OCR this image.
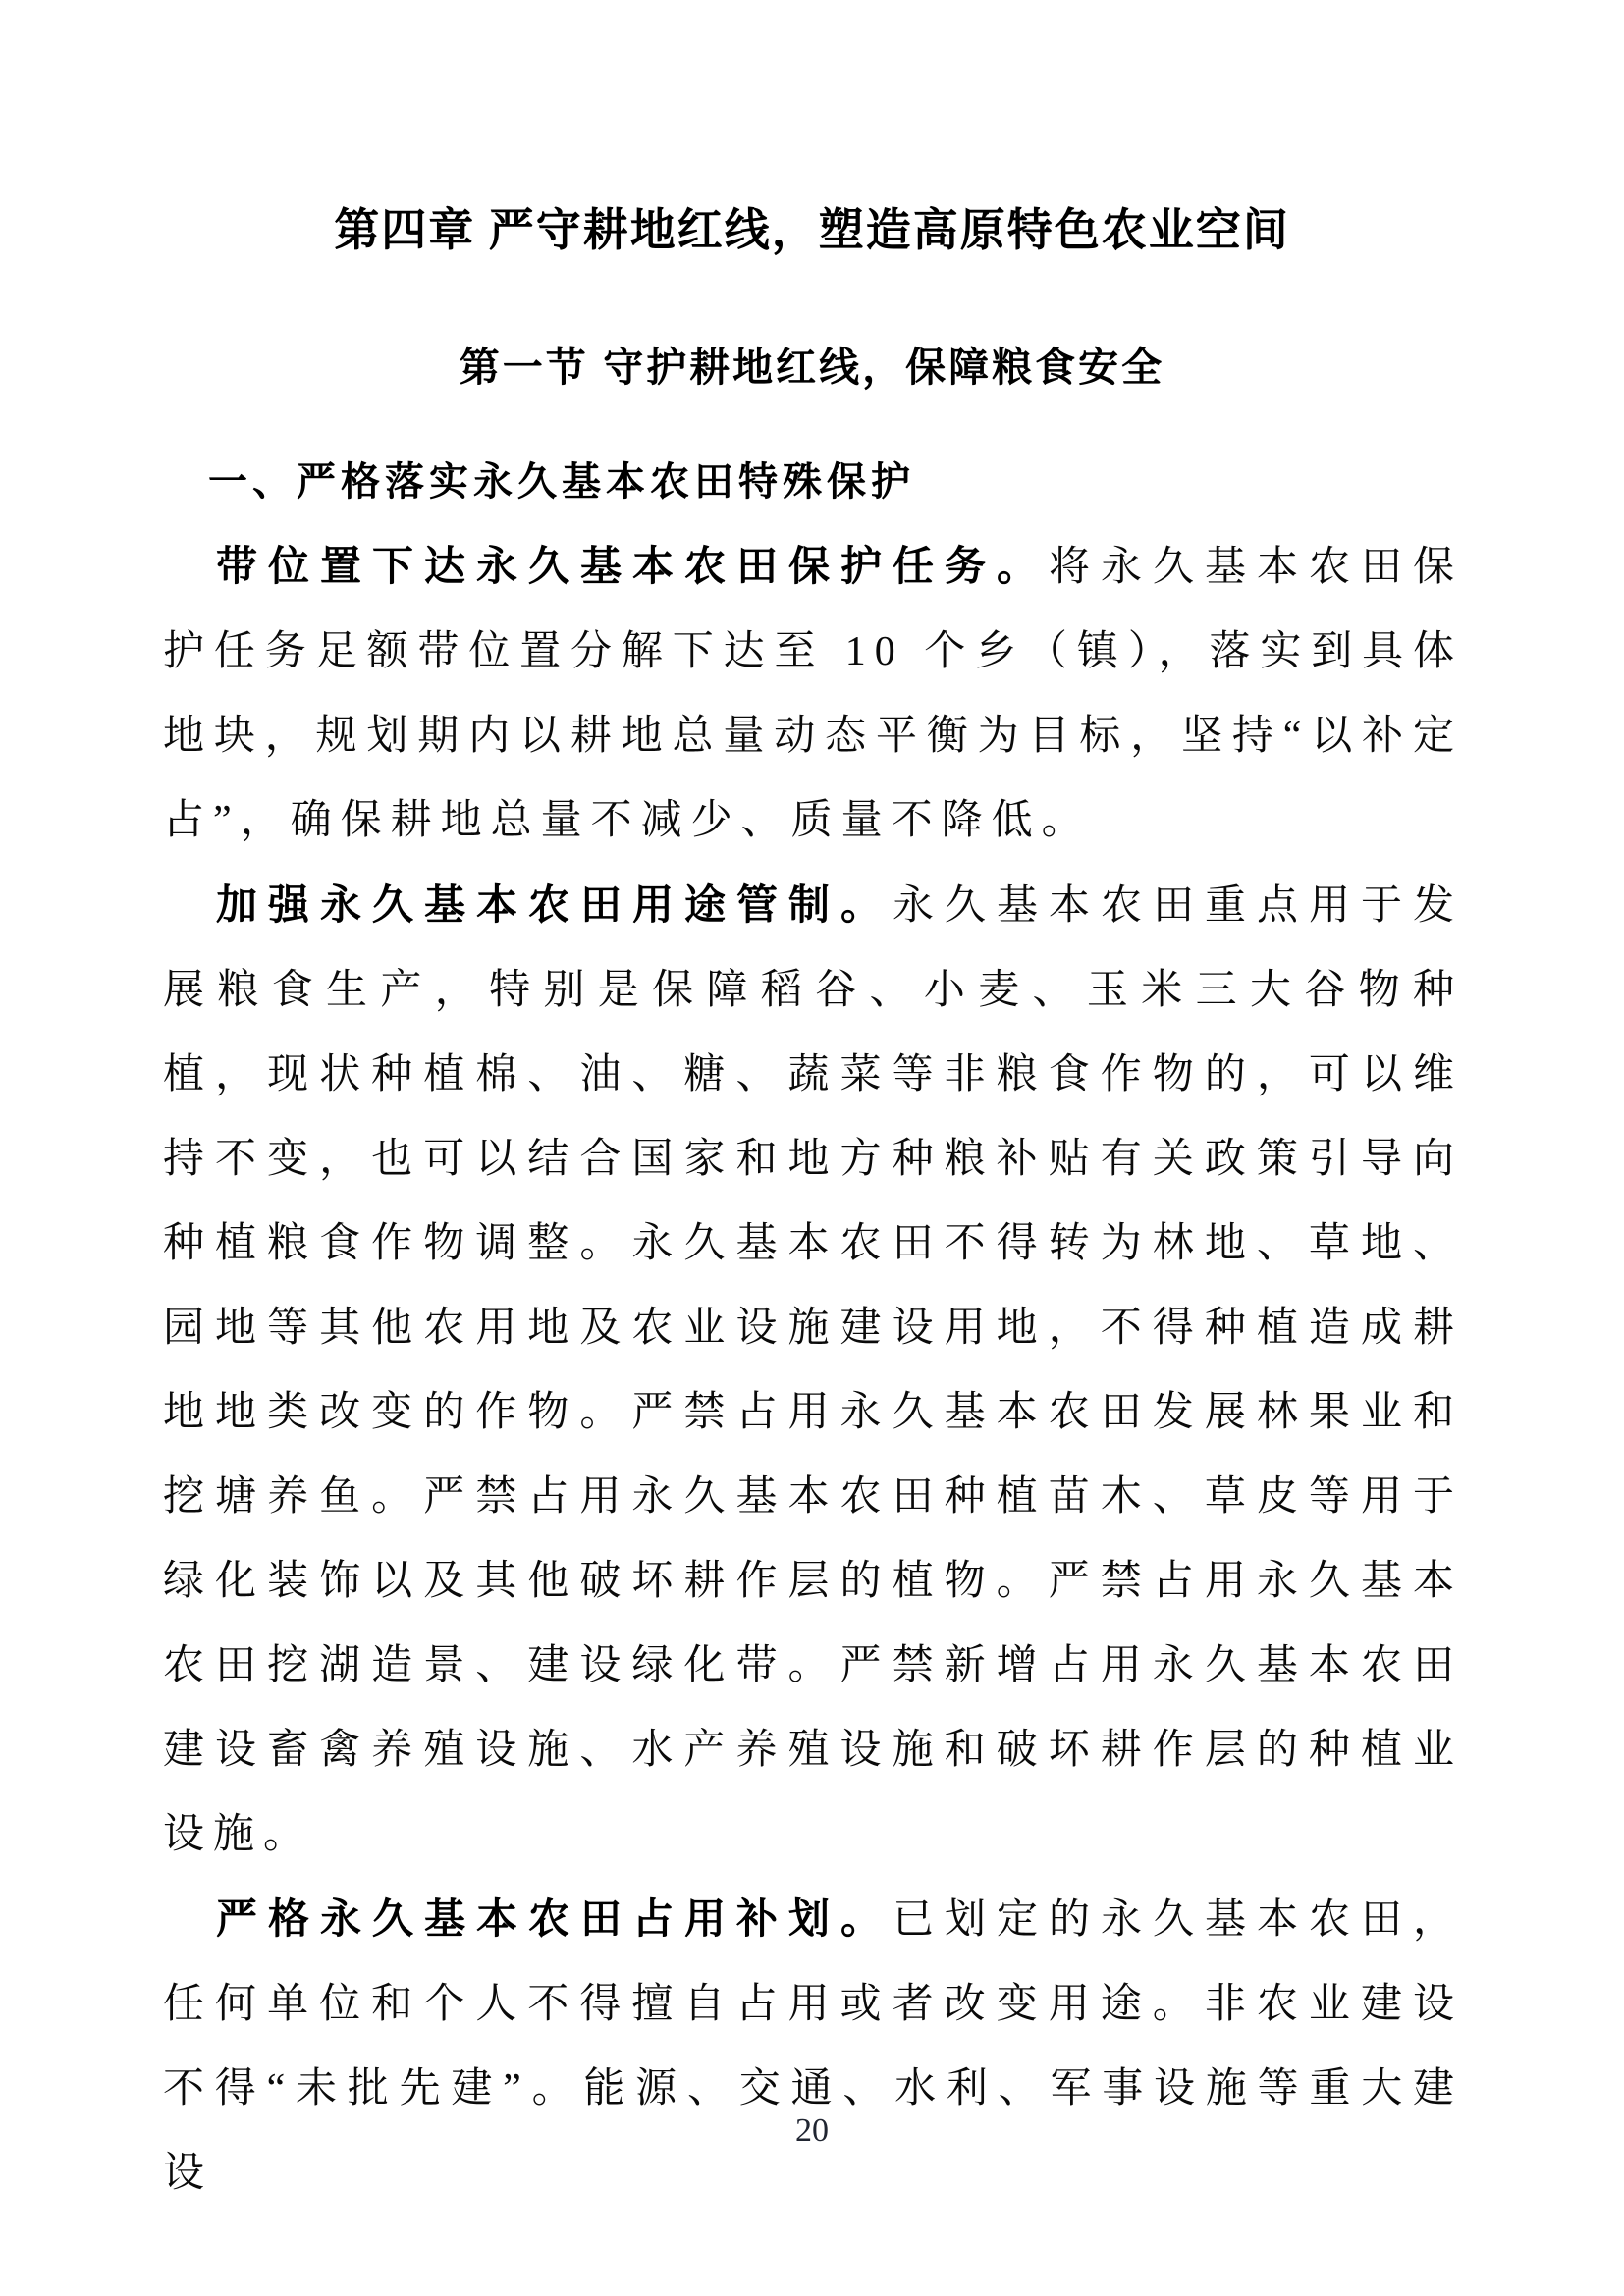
第四章 严守耕地红线，塑造高原特色农业空间
第一节 守护耕地红线，保障粮食安全
一、严格落实永久基本农田特殊保护

带位置下达永久基本农田保护任务。将永久基本农田保护任务足额带位置分解下达至 10 个乡（镇），落实到具体地块，规划期内以耕地总量动态平衡为目标，坚持“以补定占”，确保耕地总量不减少、质量不降低。

加强永久基本农田用途管制。永久基本农田重点用于发展粮食生产，特别是保障稻谷、小麦、玉米三大谷物种植，现状种植棉、油、糖、蔬菜等非粮食作物的，可以维持不变，也可以结合国家和地方种粮补贴有关政策引导向种植粮食作物调整。永久基本农田不得转为林地、草地、园地等其他农用地及农业设施建设用地，不得种植造成耕地地类改变的作物。严禁占用永久基本农田发展林果业和挖塘养鱼。严禁占用永久基本农田种植苗木、草皮等用于绿化装饰以及其他破坏耕作层的植物。严禁占用永久基本农田挖湖造景、建设绿化带。严禁新增占用永久基本农田建设畜禽养殖设施、水产养殖设施和破坏耕作层的种植业设施。

严格永久基本农田占用补划。已划定的永久基本农田，任何单位和个人不得擅自占用或者改变用途。非农业建设不得“未批先建”。能源、交通、水利、军事设施等重大建设

20
